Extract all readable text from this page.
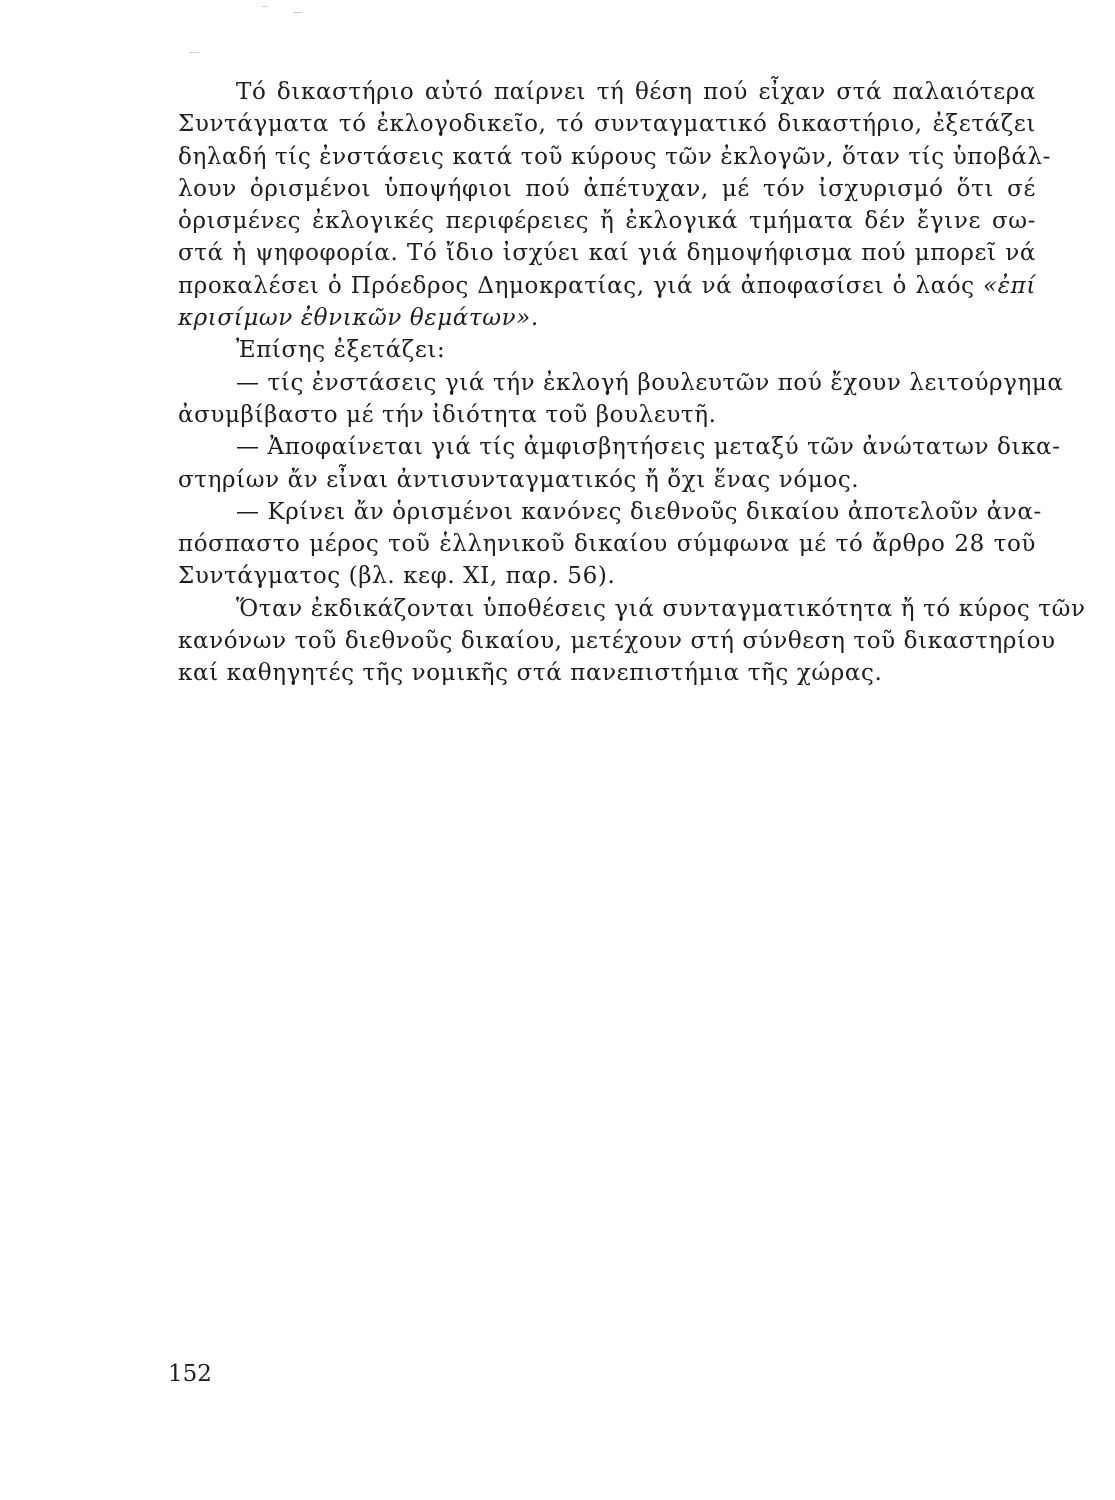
Τό δικαστήριο αὐτό παίρνει τή θέση πού εἶχαν στά παλαιότερα
Συντάγματα τό ἐκλογοδικεῖο, τό συνταγματικό δικαστήριο, ἐξετάζει
δηλαδή τίς ἐνστάσεις κατά τοῦ κύρους τῶν ἐκλογῶν, ὅταν τίς ὑποβάλ-
λουν ὁρισμένοι ὑποψήφιοι πού ἀπέτυχαν, μέ τόν ἰσχυρισμό ὅτι σέ
ὁρισμένες ἐκλογικές περιφέρειες ἤ ἐκλογικά τμήματα δέν ἔγινε σω-
στά ἡ ψηφοφορία. Τό ἴδιο ἰσχύει καί γιά δημοψήφισμα πού μπορεῖ νά
προκαλέσει ὁ Πρόεδρος Δημοκρατίας, γιά νά ἀποφασίσει ὁ λαός «ἐπί
κρισίμων ἐθνικῶν θεμάτων».
Ἐπίσης ἐξετάζει:
— τίς ἐνστάσεις γιά τήν ἐκλογή βουλευτῶν πού ἔχουν λειτούργημα
ἀσυμβίβαστο μέ τήν ἰδιότητα τοῦ βουλευτῆ.
— Ἀποφαίνεται γιά τίς ἀμφισβητήσεις μεταξύ τῶν ἀνώτατων δικα-
στηρίων ἄν εἶναι ἀντισυνταγματικός ἤ ὄχι ἕνας νόμος.
— Κρίνει ἄν ὁρισμένοι κανόνες διεθνοῦς δικαίου ἀποτελοῦν ἀνα-
πόσπαστο μέρος τοῦ ἑλληνικοῦ δικαίου σύμφωνα μέ τό ἄρθρο 28 τοῦ
Συντάγματος (βλ. κεφ. XI, παρ. 56).
Ὅταν ἐκδικάζονται ὑποθέσεις γιά συνταγματικότητα ἤ τό κύρος τῶν
κανόνων τοῦ διεθνοῦς δικαίου, μετέχουν στή σύνθεση τοῦ δικαστηρίου
καί καθηγητές τῆς νομικῆς στά πανεπιστήμια τῆς χώρας.
152
